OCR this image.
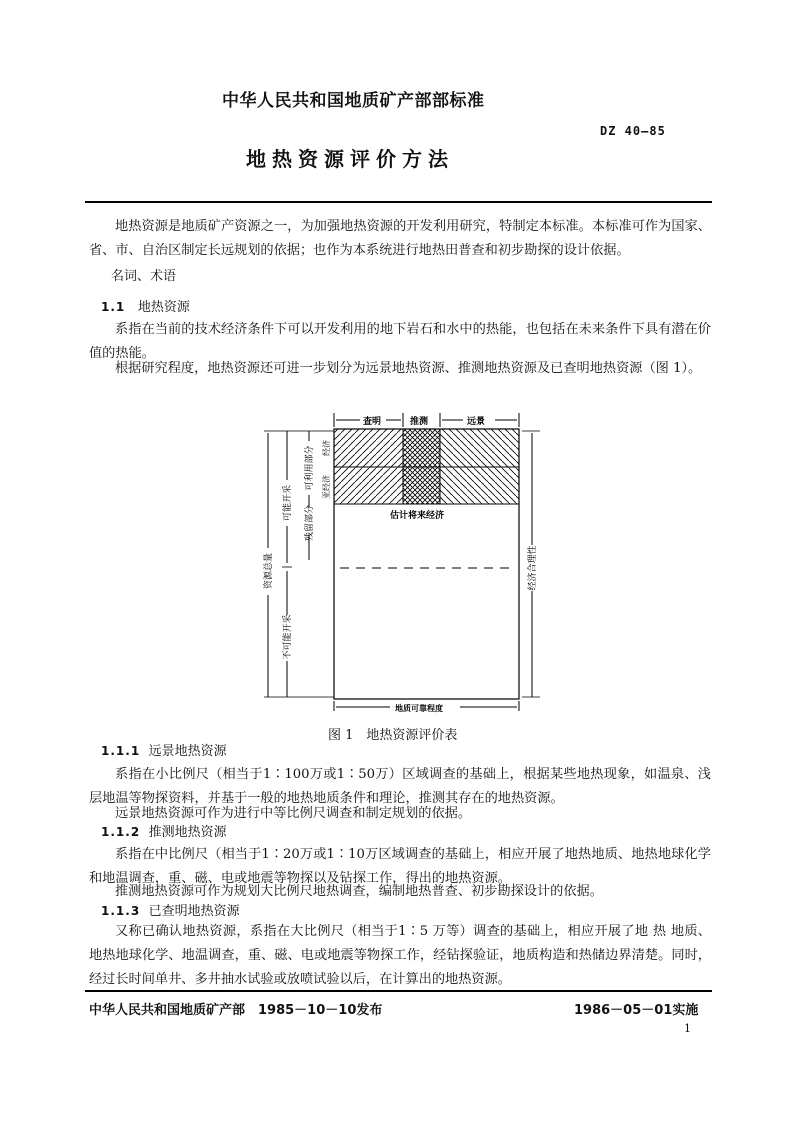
中华人民共和国地质矿产部部标准
DZ 40—85
地热资源评价方法

地热资源是地质矿产资源之一，为加强地热资源的开发利用研究，特制定本标准。本标准可作为国家、省、市、自治区制定长远规划的依据；也作为本系统进行地热田普查和初步勘探的设计依据。

名词、术语

1.1 地热资源

系指在当前的技术经济条件下可以开发利用的地下岩石和水中的热能，也包括在未来条件下具有潜在价值的热能。

根据研究程度，地热资源还可进一步划分为远景地热资源、推测地热资源及已查明地热资源（图 1）。

查明	推测	远景
估计将来经济
经济
亚经济
可利用部分
残留部分
可能开采
不可能开采
资源总量	经济合理性
地质可靠程度
图 1　地热资源评价表

1.1.1 远景地热资源

系指在小比例尺（相当于1∶100万或1∶50万）区域调查的基础上，根据某些地热现象，如温泉、浅层地温等物探资料，并基于一般的地热地质条件和理论，推测其存在的地热资源。

远景地热资源可作为进行中等比例尺调查和制定规划的依据。

1.1.2 推测地热资源

系指在中比例尺（相当于1∶20万或1∶10万区域调查的基础上，相应开展了地热地质、地热地球化学和地温调查，重、磁、电或地震等物探以及钻探工作，得出的地热资源。

推测地热资源可作为规划大比例尺地热调查，编制地热普查、初步勘探设计的依据。

1.1.3 已查明地热资源

又称已确认地热资源，系指在大比例尺（相当于1∶5 万等）调查的基础上，相应开展了地 热 地质、地热地球化学、地温调查，重、磁、电或地震等物探工作，经钻探验证，地质构造和热储边界清楚。同时，经过长时间单井、多井抽水试验或放喷试验以后，在计算出的地热资源。

中华人民共和国地质矿产部　1985－10－10发布	1986－05－01实施
1
